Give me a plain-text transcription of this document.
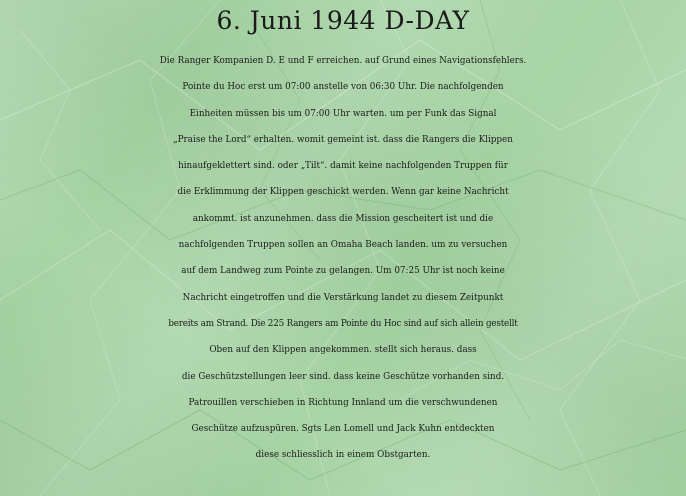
6. Juni 1944 D-DAY
Die Ranger Kompanien D. E und F erreichen. auf Grund eines Navigationsfehlers.
Pointe du Hoc erst um 07:00 anstelle von 06:30 Uhr. Die nachfolgenden
Einheiten müssen bis um 07:00 Uhr warten. um per Funk das Signal
„Praise the Lord“ erhalten. womit gemeint ist. dass die Rangers die Klippen
hinaufgeklettert sind. oder „Tilt“. damit keine nachfolgenden Truppen für
die Erklimmung der Klippen geschickt werden. Wenn gar keine Nachricht
ankommt. ist anzunehmen. dass die Mission gescheitert ist und die
nachfolgenden Truppen sollen an Omaha Beach landen. um zu versuchen
auf dem Landweg zum Pointe zu gelangen. Um 07:25 Uhr ist noch keine
Nachricht eingetroffen und die Verstärkung landet zu diesem Zeitpunkt
bereits am Strand. Die 225 Rangers am Pointe du Hoc sind auf sich allein gestellt
Oben auf den Klippen angekommen. stellt sich heraus. dass
die Geschützstellungen leer sind. dass keine Geschütze vorhanden sind.
Patrouillen verschieben in Richtung Innland um die verschwundenen
Geschütze aufzuspüren. Sgts Len Lomell und Jack Kuhn entdeckten
diese schliesslich in einem Obstgarten.
